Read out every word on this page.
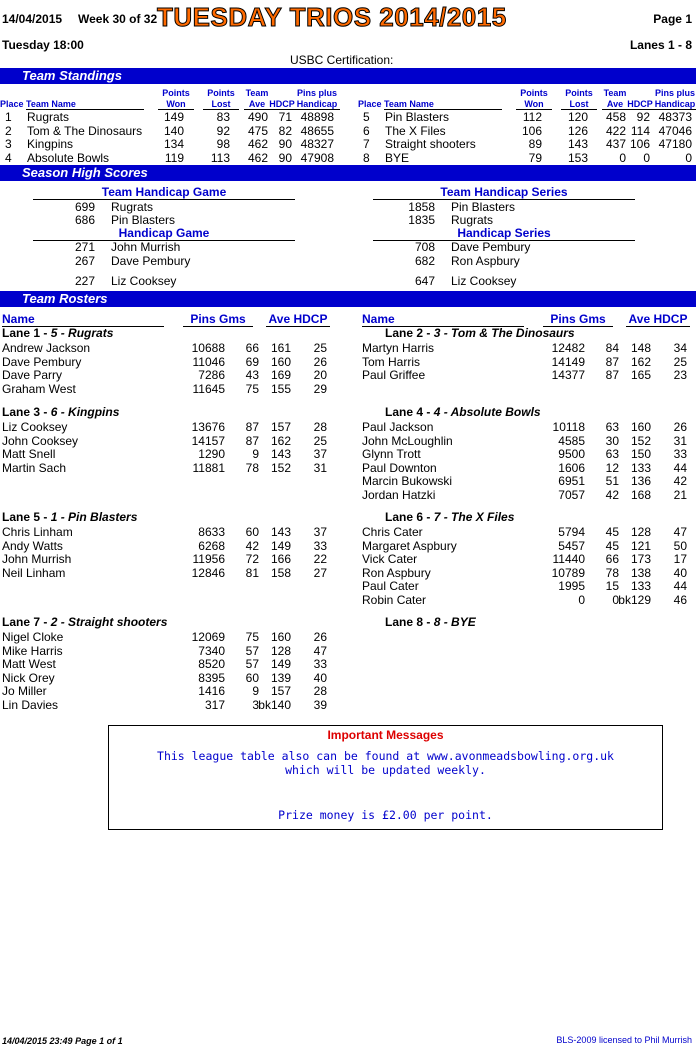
14/04/2015 Week 30 of 32 TUESDAY TRIOS 2014/2015	Page 1
Tuesday 18:00	Lanes 1 - 8
USBC Certification:
Team Standings
Place Team Name
Points
Won
Points
Lost
Team
Ave HDCP
Pins plus
Handicap	Place Team Name
Points
Won
Points
Lost
Team
Ave HDCP
Pins plus
Handicap
1	Rugrats	149	83	490 71 48898
2	Tom & The Dinosaurs	140	92	475 82 48655
3	Kingpins	134	98	462 90 48327
4	Absolute Bowls	119	113	462 90 47908
5	Pin Blasters	112	120	458 92 48373
6	The X Files	106	126	422 114 47046
7	Straight shooters	89	143	437 106 47180
8	BYE	79	153	0	0	0
Season High Scores
Team Handicap Game
699 Rugrats
686 Pin Blasters
Team Handicap Series
1858 Pin Blasters
1835 Rugrats
Handicap Game
271 John Murrish
267 Dave Pembury
227 Liz Cooksey
Handicap Series
708 Dave Pembury
682 Ron Aspbury
647 Liz Cooksey
Team Rosters
Name	Pins Gms	Ave HDCP	Name	Pins Gms	Ave HDCP
Lane 1 - 5 - Rugrats
Andrew Jackson	10688	66 161	25
Dave Pembury	11046	69 160	26
Dave Parry	7286	43 169	20
Graham West	11645	75 155	29
Lane 2 - 3 - Tom & The Dinosaurs
Martyn Harris	12482	84 148	34
Tom Harris	14149	87 162	25
Paul Griffee	14377	87 165	23
Lane 3 - 6 - Kingpins
Liz Cooksey	13676	87 157	28
John Cooksey	14157	87 162	25
Matt Snell	1290	9 143	37
Martin Sach	11881	78 152	31
Lane 4 - 4 - Absolute Bowls
Paul Jackson	10118	63 160	26
John McLoughlin	4585	30 152	31
Glynn Trott	9500	63 150	33
Paul Downton	1606	12 133	44
Marcin Bukowski	6951	51 136	42
Jordan Hatzki	7057	42 168	21
Lane 5 - 1 - Pin Blasters
Chris Linham	8633	60 143	37
Andy Watts	6268	42 149	33
John Murrish	11956	72 166	22
Neil Linham	12846	81 158	27
Lane 6 - 7 - The X Files
Chris Cater	5794	45 128	47
Margaret Aspbury	5457	45 121	50
Vick Cater	11440	66 173	17
Ron Aspbury	10789	78 138	40
Paul Cater	1995	15 133	44
Robin Cater	0	0 bk129	46
Lane 7 - 2 - Straight shooters
Nigel Cloke	12069	75 160	26
Mike Harris	7340	57 128	47
Matt West	8520	57 149	33
Nick Orey	8395	60 139	40
Jo Miller	1416	9 157	28
Lin Davies	317	3 bk140	39
Lane 8 - 8 - BYE
Important Messages
This league table also can be found at www.avonmeadsbowling.org.uk
which will be updated weekly.
Prize money is £2.00 per point.
14/04/2015 23:49 Page 1 of 1	BLS-2009 licensed to Phil Murrish
